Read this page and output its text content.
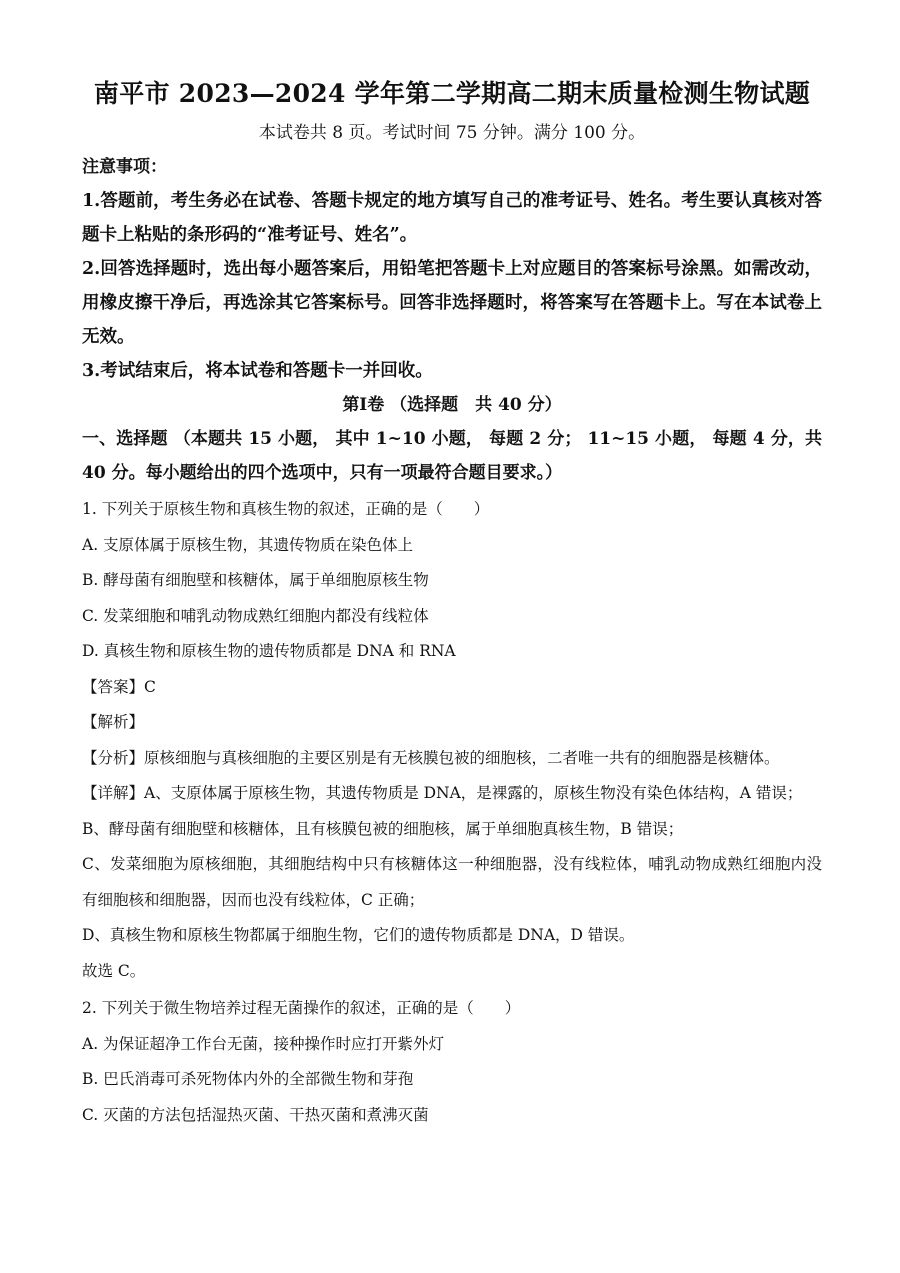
南平市 2023—2024 学年第二学期高二期末质量检测生物试题

本试卷共 8 页。考试时间 75 分钟。满分 100 分。

注意事项：

1.答题前，考生务必在试卷、答题卡规定的地方填写自己的准考证号、姓名。考生要认真核对答题卡上粘贴的条形码的“准考证号、姓名”。

2.回答选择题时，选出每小题答案后，用铅笔把答题卡上对应题目的答案标号涂黑。如需改动，用橡皮擦干净后，再选涂其它答案标号。回答非选择题时，将答案写在答题卡上。写在本试卷上无效。

3.考试结束后，将本试卷和答题卡一并回收。

第Ⅰ卷 （选择题　共 40 分）

一、选择题 （本题共 15 小题， 其中 1~10 小题， 每题 2 分； 11~15 小题， 每题 4 分，共 40 分。每小题给出的四个选项中，只有一项最符合题目要求。）

1. 下列关于原核生物和真核生物的叙述，正确的是（　　）

A. 支原体属于原核生物，其遗传物质在染色体上

B. 酵母菌有细胞壁和核糖体，属于单细胞原核生物

C. 发菜细胞和哺乳动物成熟红细胞内都没有线粒体

D. 真核生物和原核生物的遗传物质都是 DNA 和 RNA

【答案】C

【解析】

【分析】原核细胞与真核细胞的主要区别是有无核膜包被的细胞核，二者唯一共有的细胞器是核糖体。

【详解】A、支原体属于原核生物，其遗传物质是 DNA，是裸露的，原核生物没有染色体结构，A 错误；

B、酵母菌有细胞壁和核糖体，且有核膜包被的细胞核，属于单细胞真核生物，B 错误；

C、发菜细胞为原核细胞，其细胞结构中只有核糖体这一种细胞器，没有线粒体，哺乳动物成熟红细胞内没有细胞核和细胞器，因而也没有线粒体，C 正确；

D、真核生物和原核生物都属于细胞生物，它们的遗传物质都是 DNA，D 错误。

故选 C。

2. 下列关于微生物培养过程无菌操作的叙述，正确的是（　　）

A. 为保证超净工作台无菌，接种操作时应打开紫外灯

B. 巴氏消毒可杀死物体内外的全部微生物和芽孢

C. 灭菌的方法包括湿热灭菌、干热灭菌和煮沸灭菌
